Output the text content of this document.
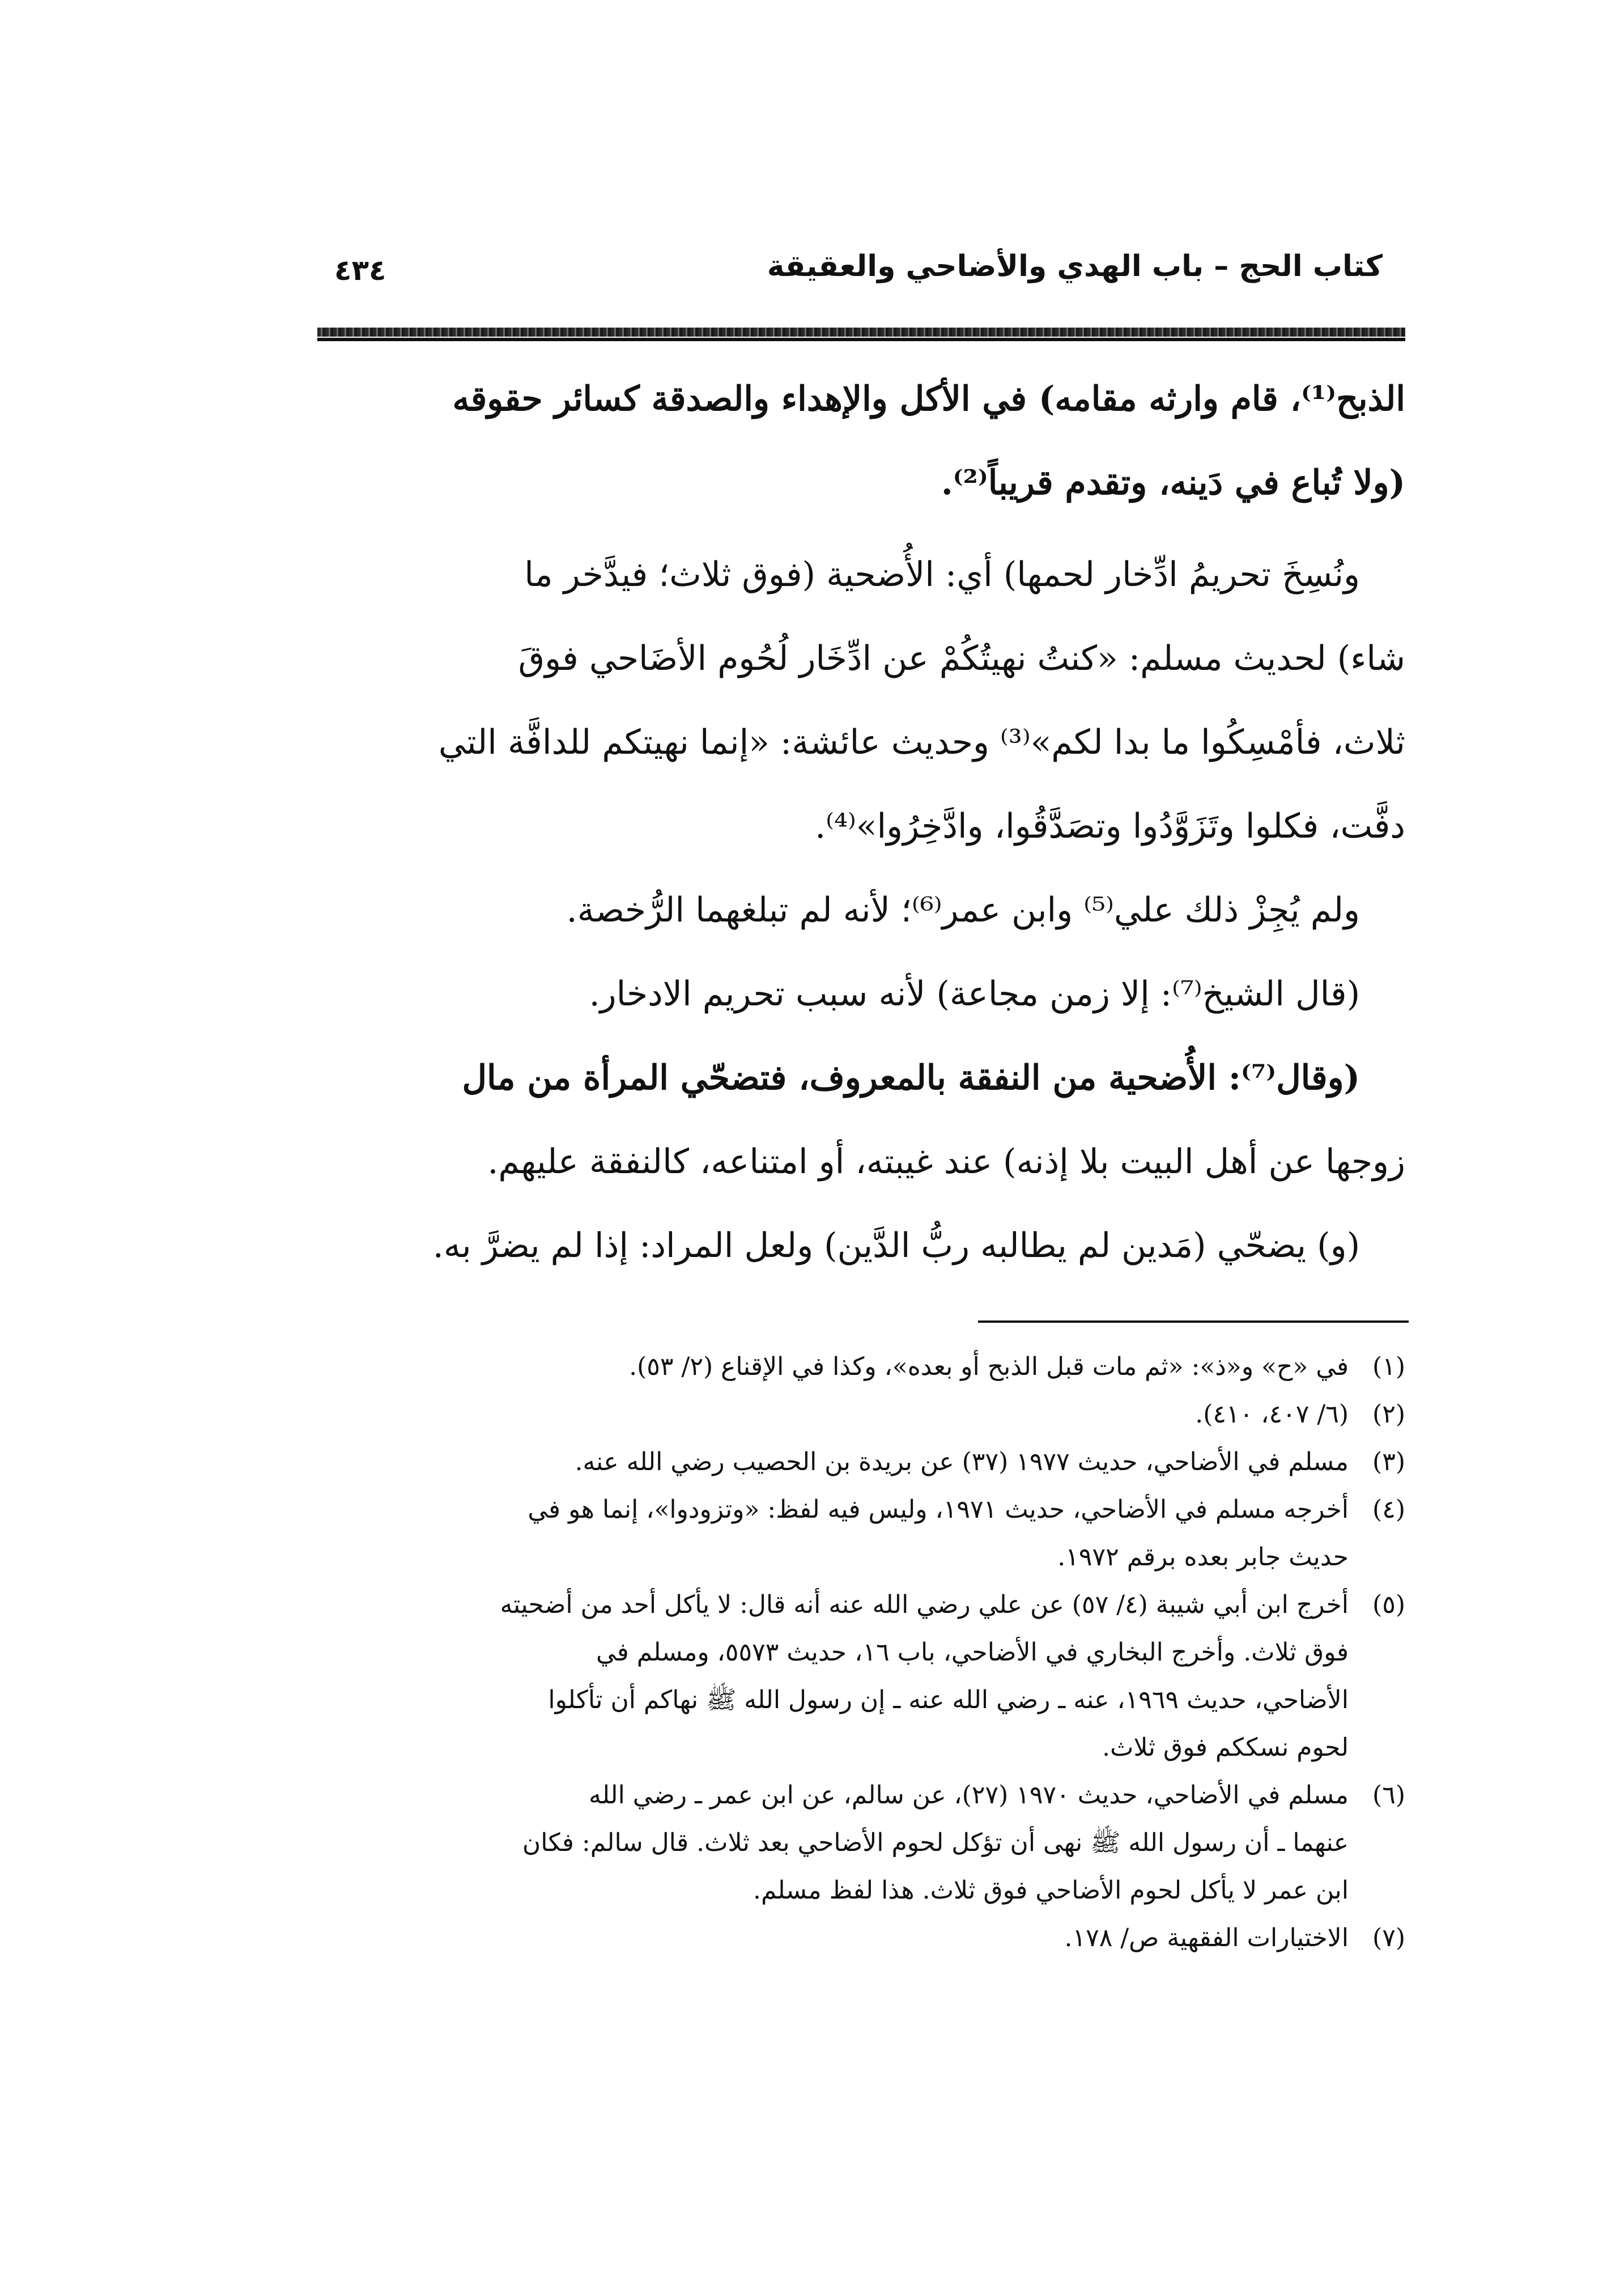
كتاب الحج – باب الهدي والأضاحي والعقيقة
٤٣٤

الذبح⁽¹⁾، قام وارثه مقامه) في الأكل والإهداء والصدقة كسائر حقوقه

(ولا تُباع في دَينه، وتقدم قريباً⁽²⁾.

ونُسِخَ تحريمُ ادِّخار لحمها) أي: الأُضحية (فوق ثلاث؛ فيدَّخر ما

شاء) لحديث مسلم: «كنتُ نهيتُكُمْ عن ادِّخَار لُحُوم الأضَاحي فوقَ

ثلاث، فأمْسِكُوا ما بدا لكم»⁽³⁾ وحديث عائشة: «إنما نهيتكم للدافَّة التي

دفَّت، فكلوا وتَزَوَّدُوا وتصَدَّقُوا، وادَّخِرُوا»⁽⁴⁾.

ولم يُجِزْ ذلك علي⁽⁵⁾ وابن عمر⁽⁶⁾؛ لأنه لم تبلغهما الرُّخصة.

(قال الشيخ⁽⁷⁾: إلا زمن مجاعة) لأنه سبب تحريم الادخار.

(وقال⁽⁷⁾: الأُضحية من النفقة بالمعروف، فتضحّي المرأة من مال

زوجها عن أهل البيت بلا إذنه) عند غيبته، أو امتناعه، كالنفقة عليهم.

(و) يضحّي (مَدين لم يطالبه ربُّ الدَّين) ولعل المراد: إذا لم يضرَّ به.

(١)
في «ح» و«ذ»: «ثم مات قبل الذبح أو بعده»، وكذا في الإقناع (٢/ ٥٣).
(٢)
(٦/ ٤٠٧، ٤١٠).
(٣)
مسلم في الأضاحي، حديث ١٩٧٧ (٣٧) عن بريدة بن الحصيب رضي الله عنه.
(٤)
أخرجه مسلم في الأضاحي، حديث ١٩٧١، وليس فيه لفظ: «وتزودوا»، إنما هو في
حديث جابر بعده برقم ١٩٧٢.
(٥)
أخرج ابن أبي شيبة (٤/ ٥٧) عن علي رضي الله عنه أنه قال: لا يأكل أحد من أضحيته
فوق ثلاث. وأخرج البخاري في الأضاحي، باب ١٦، حديث ٥٥٧٣، ومسلم في
الأضاحي، حديث ١٩٦٩، عنه ـ رضي الله عنه ـ إن رسول الله ﷺ نهاكم أن تأكلوا
لحوم نسككم فوق ثلاث.
(٦)
مسلم في الأضاحي، حديث ١٩٧٠ (٢٧)، عن سالم، عن ابن عمر ـ رضي الله
عنهما ـ أن رسول الله ﷺ نهى أن تؤكل لحوم الأضاحي بعد ثلاث. قال سالم: فكان
ابن عمر لا يأكل لحوم الأضاحي فوق ثلاث. هذا لفظ مسلم.
(٧)
الاختيارات الفقهية ص/ ١٧٨.
